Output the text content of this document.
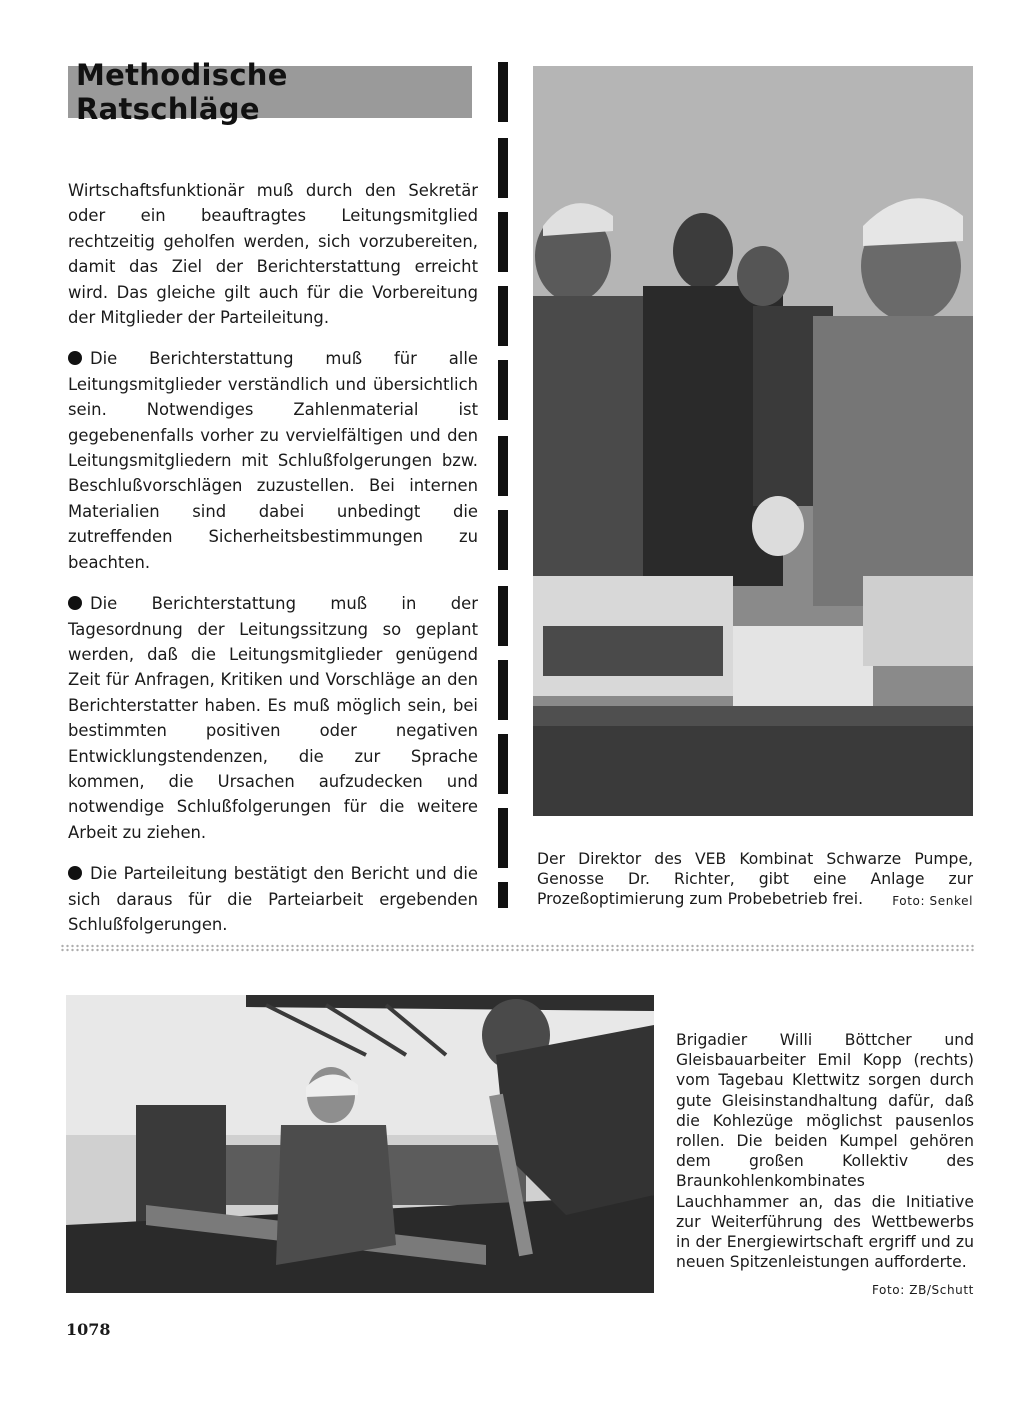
Methodische Ratschläge

Wirtschaftsfunktionär muß durch den Sekretär oder ein beauftragtes Leitungsmitglied rechtzeitig geholfen werden, sich vorzubereiten, damit das Ziel der Berichterstattung erreicht wird. Das gleiche gilt auch für die Vorbereitung der Mitglieder der Parteileitung.

Die Berichterstattung muß für alle Leitungsmitglieder verständlich und übersichtlich sein. Notwendiges Zahlenmaterial ist gegebenenfalls vorher zu vervielfältigen und den Leitungsmitgliedern mit Schlußfolgerungen bzw. Beschlußvorschlägen zuzustellen. Bei internen Materialien sind dabei unbedingt die zutreffenden Sicherheitsbestimmungen zu beachten.

Die Berichterstattung muß in der Tagesordnung der Leitungssitzung so geplant werden, daß die Leitungsmitglieder genügend Zeit für Anfragen, Kritiken und Vorschläge an den Berichterstatter haben. Es muß möglich sein, bei bestimmten positiven oder negativen Entwicklungstendenzen, die zur Sprache kommen, die Ursachen aufzudecken und notwendige Schlußfolgerungen für die weitere Arbeit zu ziehen.

Die Parteileitung bestätigt den Bericht und die sich daraus für die Parteiarbeit ergebenden Schlußfolgerungen.

Der Direktor des VEB Kombinat Schwarze Pumpe, Genosse Dr. Richter, gibt eine Anlage zur Prozeßoptimierung zum Probebetrieb frei. Foto: Senkel
Brigadier Willi Böttcher und Gleisbauarbeiter Emil Kopp (rechts) vom Tagebau Klettwitz sorgen durch gute Gleisinstandhaltung dafür, daß die Kohlezüge möglichst pausenlos rollen. Die beiden Kumpel gehören dem großen Kollektiv des Braunkohlenkombinates Lauchhammer an, das die Initiative zur Weiterführung des Wettbewerbs in der Energiewirtschaft ergriff und zu neuen Spitzenleistungen aufforderte.
Foto: ZB/Schutt
1078
